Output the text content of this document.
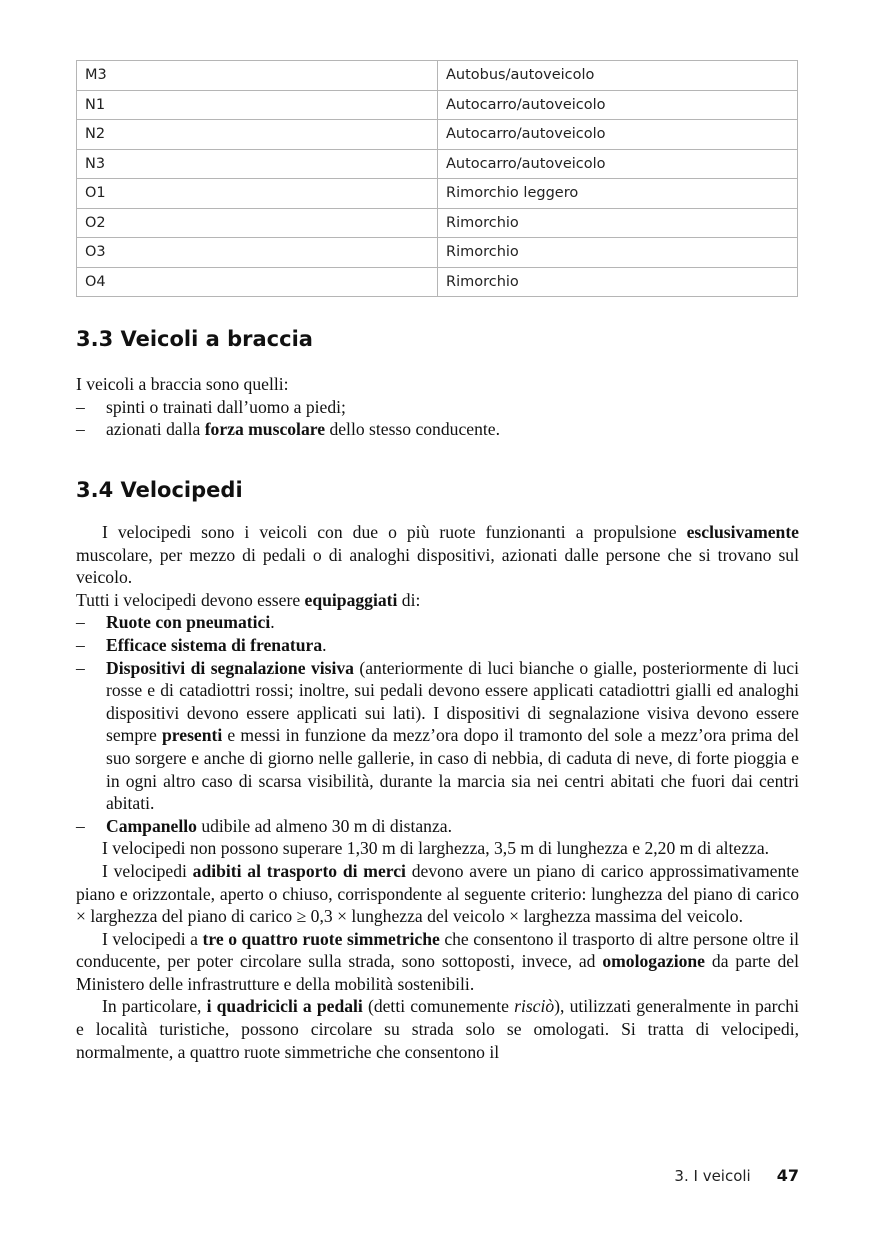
M3	Autobus/autoveicolo
N1	Autocarro/autoveicolo
N2	Autocarro/autoveicolo
N3	Autocarro/autoveicolo
O1	Rimorchio leggero
O2	Rimorchio
O3	Rimorchio
O4	Rimorchio
3.3 Veicoli a braccia

I veicoli a braccia sono quelli:

– spinti o trainati dall’uomo a piedi;

– azionati dalla forza muscolare dello stesso conducente.

3.4 Velocipedi

I velocipedi sono i veicoli con due o più ruote funzionanti a propulsione esclusivamente muscolare, per mezzo di pedali o di analoghi dispositivi, azionati dalle persone che si trovano sul veicolo.

Tutti i velocipedi devono essere equipaggiati di:

– Ruote con pneumatici.

– Efficace sistema di frenatura.

– Dispositivi di segnalazione visiva (anteriormente di luci bianche o gialle, posteriormente di luci rosse e di catadiottri rossi; inoltre, sui pedali devono essere applicati catadiottri gialli ed analoghi dispositivi devono essere applicati sui lati). I dispositivi di segnalazione visiva devono essere sempre presenti e messi in funzione da mezz’ora dopo il tramonto del sole a mezz’ora prima del suo sorgere e anche di giorno nelle gallerie, in caso di nebbia, di caduta di neve, di forte pioggia e in ogni altro caso di scarsa visibilità, durante la marcia sia nei centri abitati che fuori dai centri abitati.

– Campanello udibile ad almeno 30 m di distanza.

I velocipedi non possono superare 1,30 m di larghezza, 3,5 m di lunghezza e 2,20 m di altezza.

I velocipedi adibiti al trasporto di merci devono avere un piano di carico approssimativamente piano e orizzontale, aperto o chiuso, corrispondente al seguente criterio: lunghezza del piano di carico × larghezza del piano di carico ≥ 0,3 × lunghezza del veicolo × larghezza massima del veicolo.

I velocipedi a tre o quattro ruote simmetriche che consentono il trasporto di altre persone oltre il conducente, per poter circolare sulla strada, sono sottoposti, invece, ad omologazione da parte del Ministero delle infrastrutture e della mobilità sostenibili.

In particolare, i quadricicli a pedali (detti comunemente risciò), utilizzati generalmente in parchi e località turistiche, possono circolare su strada solo se omologati. Si tratta di velocipedi, normalmente, a quattro ruote simmetriche che consentono il

3. I veicoli 47
